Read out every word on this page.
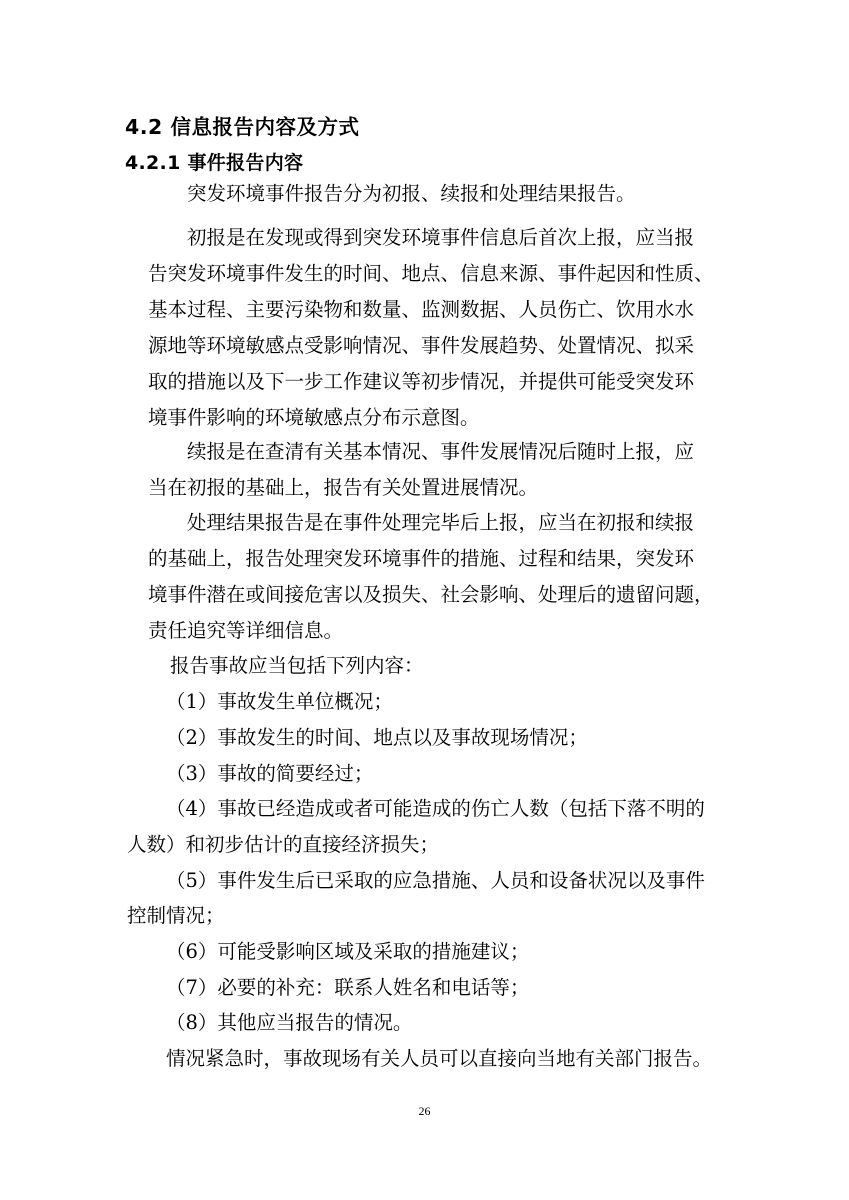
4.2 信息报告内容及方式
4.2.1 事件报告内容
突发环境事件报告分为初报、续报和处理结果报告。
初报是在发现或得到突发环境事件信息后首次上报，应当报
告突发环境事件发生的时间、地点、信息来源、事件起因和性质、
基本过程、主要污染物和数量、监测数据、人员伤亡、饮用水水
源地等环境敏感点受影响情况、事件发展趋势、处置情况、拟采
取的措施以及下一步工作建议等初步情况，并提供可能受突发环
境事件影响的环境敏感点分布示意图。
续报是在查清有关基本情况、事件发展情况后随时上报，应
当在初报的基础上，报告有关处置进展情况。
处理结果报告是在事件处理完毕后上报，应当在初报和续报
的基础上，报告处理突发环境事件的措施、过程和结果，突发环
境事件潜在或间接危害以及损失、社会影响、处理后的遗留问题，
责任追究等详细信息。
报告事故应当包括下列内容：
（1）事故发生单位概况；
（2）事故发生的时间、地点以及事故现场情况；
（3）事故的简要经过；
（4）事故已经造成或者可能造成的伤亡人数（包括下落不明的
人数）和初步估计的直接经济损失；
（5）事件发生后已采取的应急措施、人员和设备状况以及事件
控制情况；
（6）可能受影响区域及采取的措施建议；
（7）必要的补充：联系人姓名和电话等；
（8）其他应当报告的情况。
情况紧急时，事故现场有关人员可以直接向当地有关部门报告。
26
